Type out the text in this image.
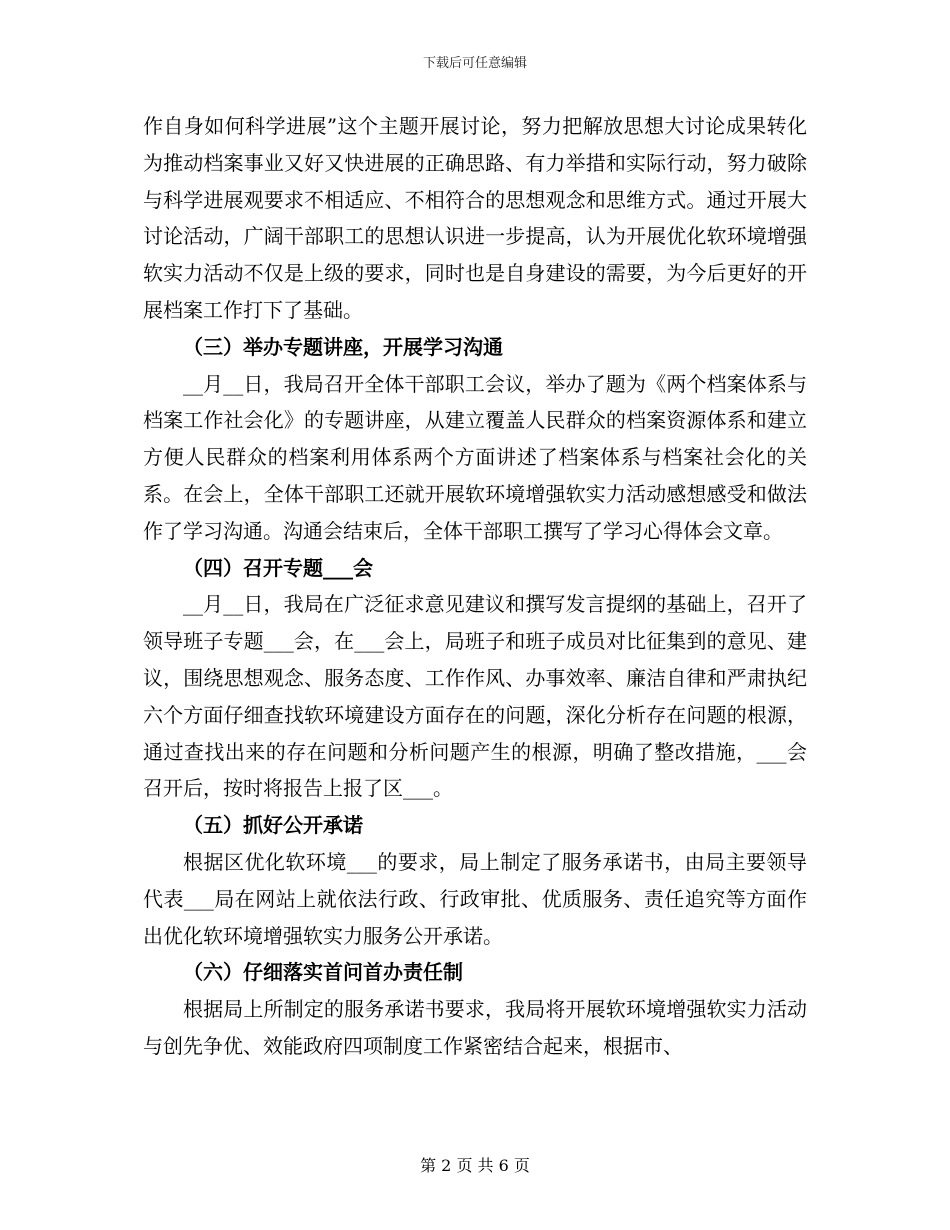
下载后可任意编辑

作自身如何科学进展”这个主题开展讨论，努力把解放思想大讨论成果转化为推动档案事业又好又快进展的正确思路、有力举措和实际行动，努力破除与科学进展观要求不相适应、不相符合的思想观念和思维方式。通过开展大讨论活动，广阔干部职工的思想认识进一步提高，认为开展优化软环境增强软实力活动不仅是上级的要求，同时也是自身建设的需要，为今后更好的开展档案工作打下了基础。

（三）举办专题讲座，开展学习沟通

__月__日，我局召开全体干部职工会议，举办了题为《两个档案体系与档案工作社会化》的专题讲座，从建立覆盖人民群众的档案资源体系和建立方便人民群众的档案利用体系两个方面讲述了档案体系与档案社会化的关系。在会上，全体干部职工还就开展软环境增强软实力活动感想感受和做法作了学习沟通。沟通会结束后，全体干部职工撰写了学习心得体会文章。

（四）召开专题___会

__月__日，我局在广泛征求意见建议和撰写发言提纲的基础上，召开了领导班子专题___会，在___会上，局班子和班子成员对比征集到的意见、建议，围绕思想观念、服务态度、工作作风、办事效率、廉洁自律和严肃执纪六个方面仔细查找软环境建设方面存在的问题，深化分析存在问题的根源，通过查找出来的存在问题和分析问题产生的根源，明确了整改措施，___会召开后，按时将报告上报了区___。

（五）抓好公开承诺

根据区优化软环境___的要求，局上制定了服务承诺书，由局主要领导代表___局在网站上就依法行政、行政审批、优质服务、责任追究等方面作出优化软环境增强软实力服务公开承诺。

（六）仔细落实首问首办责任制

根据局上所制定的服务承诺书要求，我局将开展软环境增强软实力活动与创先争优、效能政府四项制度工作紧密结合起来，根据市、

第 2 页 共 6 页
